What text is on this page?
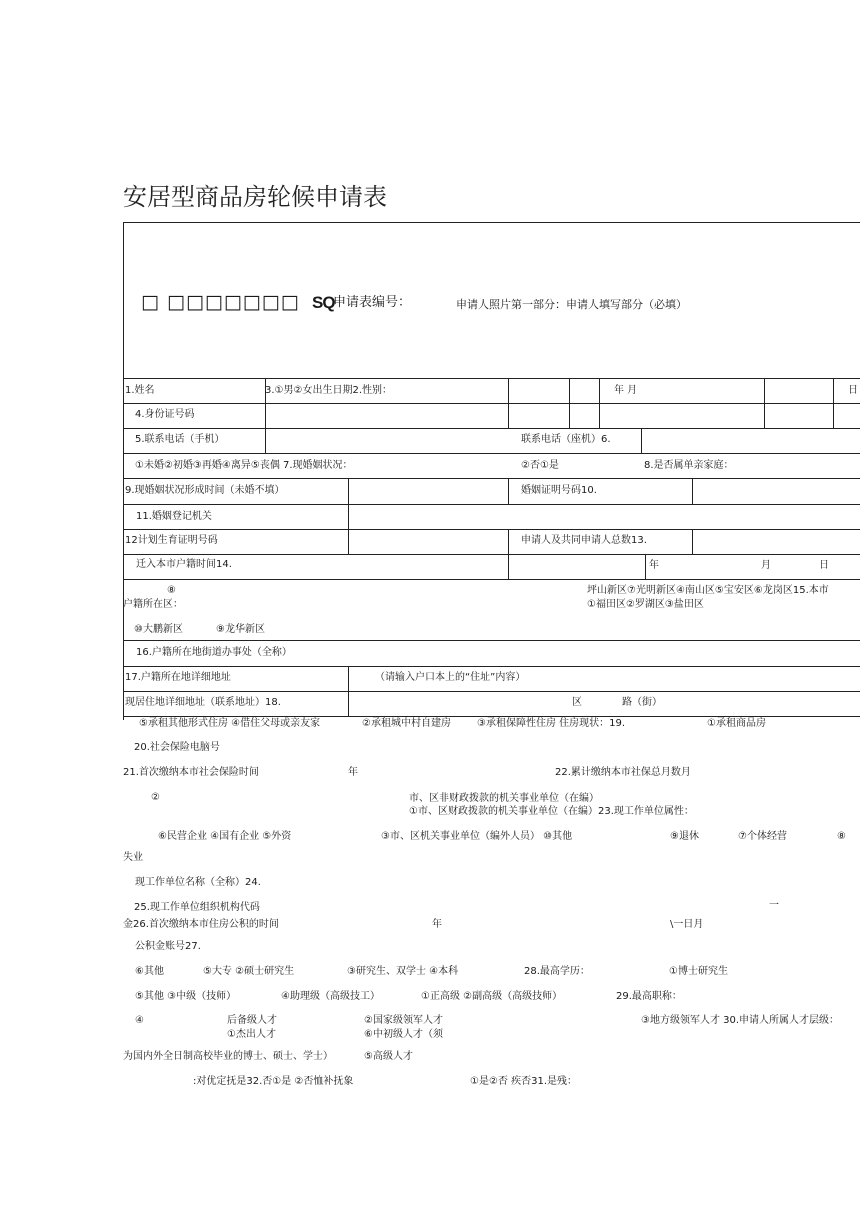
安居型商品房轮候申请表
□ □□□□□□□ SQ
申请表编号：	申请人照片第一部分：申请人填写部分（必填）
1.姓名	3.①男②女出生日期2.性别：	年 月	日
4.身份证号码
5.联系电话（手机）	联系电话（座机）6.
①未婚②初婚③再婚④离异⑤丧偶 7.现婚姻状况：	②否①是	8.是否属单亲家庭：
9.现婚姻状况形成时间（未婚不填）	婚姻证明号码10.
11.婚姻登记机关
12计划生育证明号码	申请人及共同申请人总数13.
迁入本市户籍时间14.	年	月	日
⑧	坪山新区⑦光明新区④南山区⑤宝安区⑥龙岗区15.本市
户籍所在区：	①福田区②罗湖区③盐田区
⑩大鹏新区	⑨龙华新区
16.户籍所在地街道办事处（全称）
17.户籍所在地详细地址	（请输入户口本上的“住址”内容）
现居住地详细地址（联系地址）18.	区	路（街）
⑤承租其他形式住房 ④借住父母或亲友家	②承租城中村自建房	③承租保障性住房 住房现状：19.	①承租商品房
20.社会保险电脑号
21.首次缴纳本市社会保险时间	年	22.累计缴纳本市社保总月数月
②	市、区非财政拨款的机关事业单位（在编）
①市、区财政拨款的机关事业单位（在编）23.现工作单位属性：
⑥民营企业 ④国有企业 ⑤外资	③市、区机关事业单位（编外人员） ⑩其他	⑨退休	⑦个体经营	⑧
失业
现工作单位名称（全称）24.
25.现工作单位组织机构代码	一
金26.首次缴纳本市住房公积的时间	年	\一日月
公积金账号27.
⑥其他	⑤大专 ②硕士研究生	③研究生、双学士 ④本科	28.最高学历：	①博士研究生
⑤其他 ③中级（技师）	④助理级（高级技工）	①正高级 ②副高级（高级技师）	29.最高职称：
④	后备级人才
①杰出人才
②国家级领军人才
⑥中初级人才（须
③地方级领军人才 30.申请人所属人才层级：
为国内外全日制高校毕业的博士、硕士、学士）	⑤高级人才
:对优定抚是32.否①是 ②否恤补抚象	①是②否 疾否31.是残：
